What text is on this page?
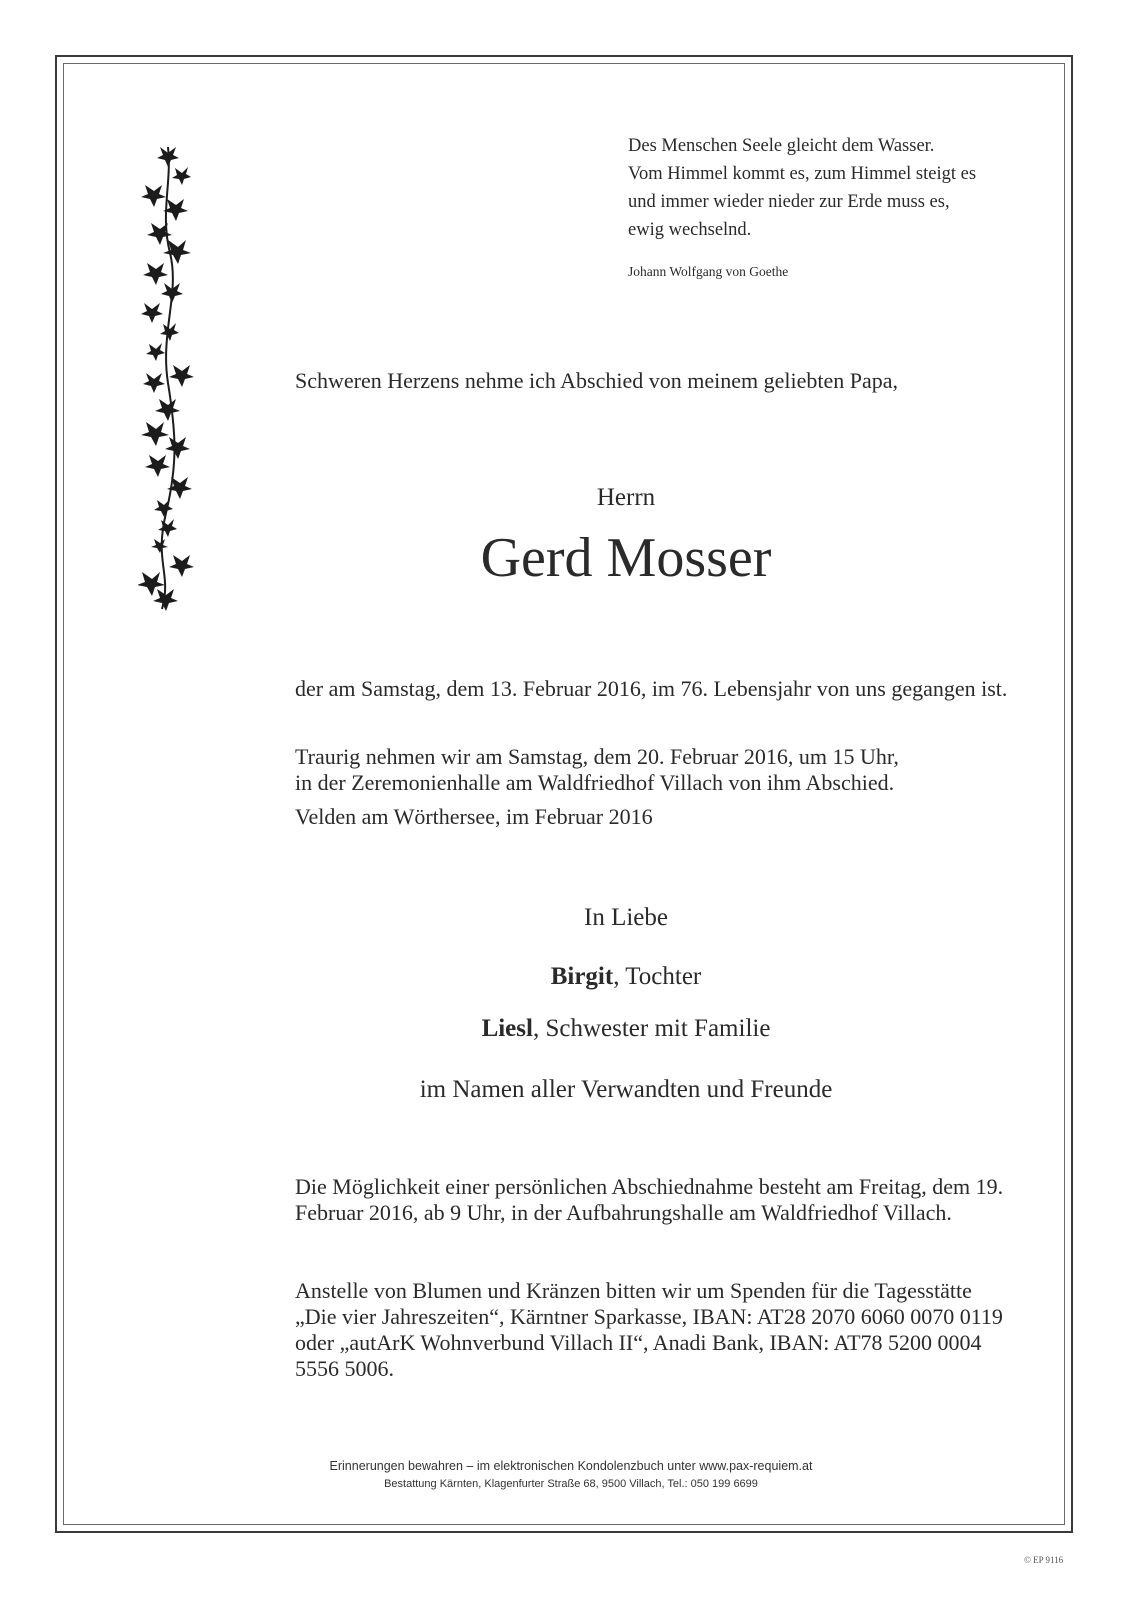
Des Menschen Seele gleicht dem Wasser.

Vom Himmel kommt es, zum Himmel steigt es

und immer wieder nieder zur Erde muss es,

ewig wechselnd.

Johann Wolfgang von Goethe

Schweren Herzens nehme ich Abschied von meinem geliebten Papa,
Herrn
Gerd Mosser

der am Samstag, dem 13. Februar 2016, im 76. Lebensjahr von uns gegangen ist.

Traurig nehmen wir am Samstag, dem 20. Februar 2016, um 15 Uhr,

in der Zeremonienhalle am Waldfriedhof Villach von ihm Abschied.

Velden am Wörthersee, im Februar 2016

In Liebe
Birgit, Tochter
Liesl, Schwester mit Familie
im Namen aller Verwandten und Freunde

Die Möglichkeit einer persönlichen Abschiednahme besteht am Freitag, dem 19. Februar 2016, ab 9 Uhr, in der Aufbahrungshalle am Waldfriedhof Villach.

Anstelle von Blumen und Kränzen bitten wir um Spenden für die Tagesstätte „Die vier Jahreszeiten“, Kärntner Sparkasse, IBAN: AT28 2070 6060 0070 0119 oder „autArK Wohnverbund Villach II“, Anadi Bank, IBAN: AT78 5200 0004 5556 5006.

Erinnerungen bewahren – im elektronischen Kondolenzbuch unter www.pax-requiem.at
Bestattung Kärnten, Klagenfurter Straße 68, 9500 Villach, Tel.: 050 199 6699
© EP 9116
